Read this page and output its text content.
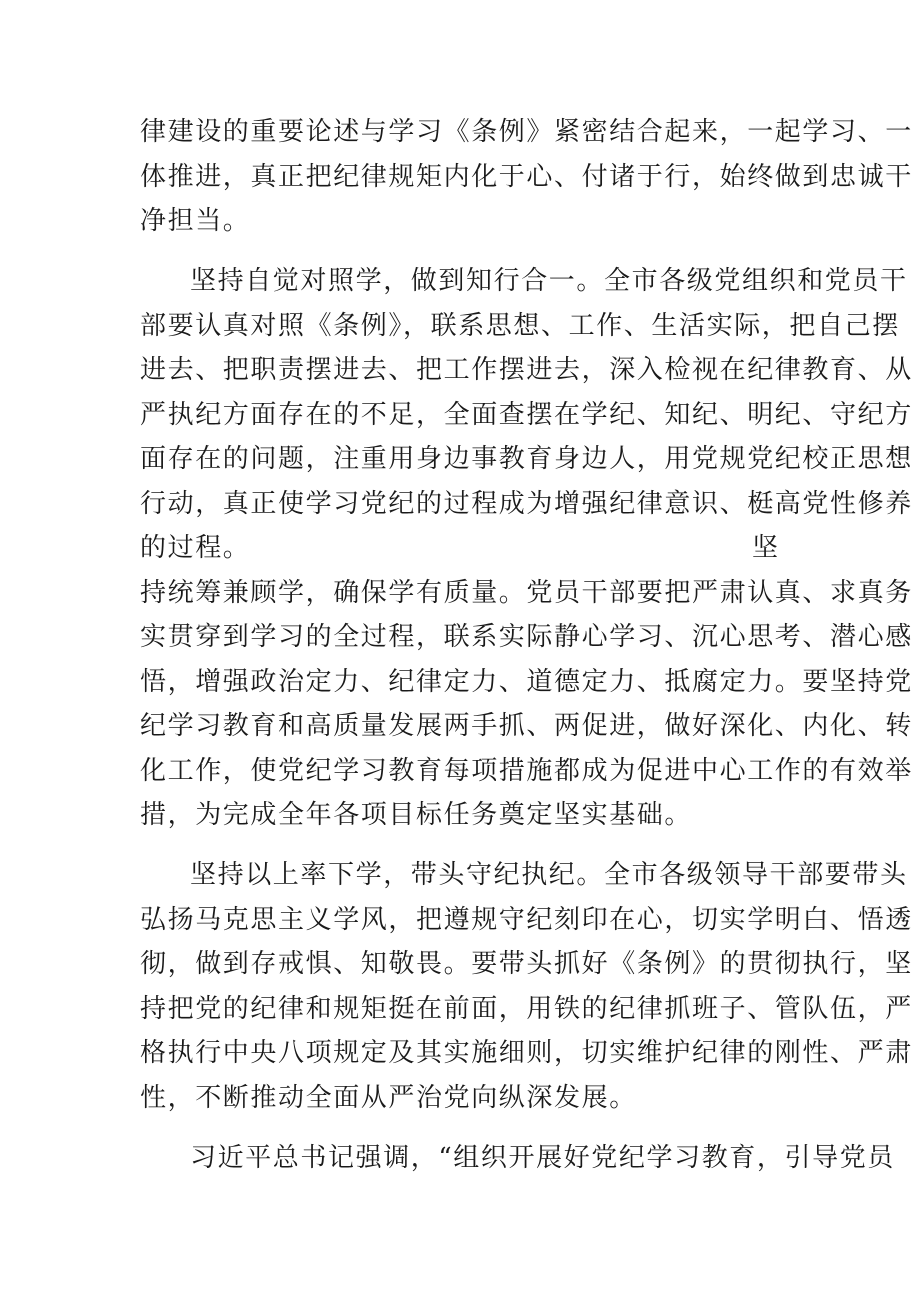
律建设的重要论述与学习《条例》紧密结合起来，一起学习、一
体推进，真正把纪律规矩内化于心、付诸于行，始终做到忠诚干
净担当。
坚持自觉对照学，做到知行合一。全市各级党组织和党员干
部要认真对照《条例》，联系思想、工作、生活实际，把自己摆
进去、把职责摆进去、把工作摆进去，深入检视在纪律教育、从
严执纪方面存在的不足，全面查摆在学纪、知纪、明纪、守纪方
面存在的问题，注重用身边事教育身边人，用党规党纪校正思想
行动，真正使学习党纪的过程成为增强纪律意识、梃高党性修养
的过程。	坚
持统筹兼顾学，确保学有质量。党员干部要把严肃认真、求真务
实贯穿到学习的全过程，联系实际静心学习、沉心思考、潜心感
悟，增强政治定力、纪律定力、道德定力、抵腐定力。要坚持党
纪学习教育和高质量发展两手抓、两促进，做好深化、内化、转
化工作，使党纪学习教育每项措施都成为促进中心工作的有效举
措，为完成全年各项目标任务奠定坚实基础。
坚持以上率下学，带头守纪执纪。全市各级领导干部要带头
弘扬马克思主义学风，把遵规守纪刻印在心，切实学明白、悟透
彻，做到存戒惧、知敬畏。要带头抓好《条例》的贯彻执行，坚
持把党的纪律和规矩挺在前面，用铁的纪律抓班子、管队伍，严
格执行中央八项规定及其实施细则，切实维护纪律的刚性、严肃
性，不断推动全面从严治党向纵深发展。
习近平总书记强调，“组织开展好党纪学习教育，引导党员
